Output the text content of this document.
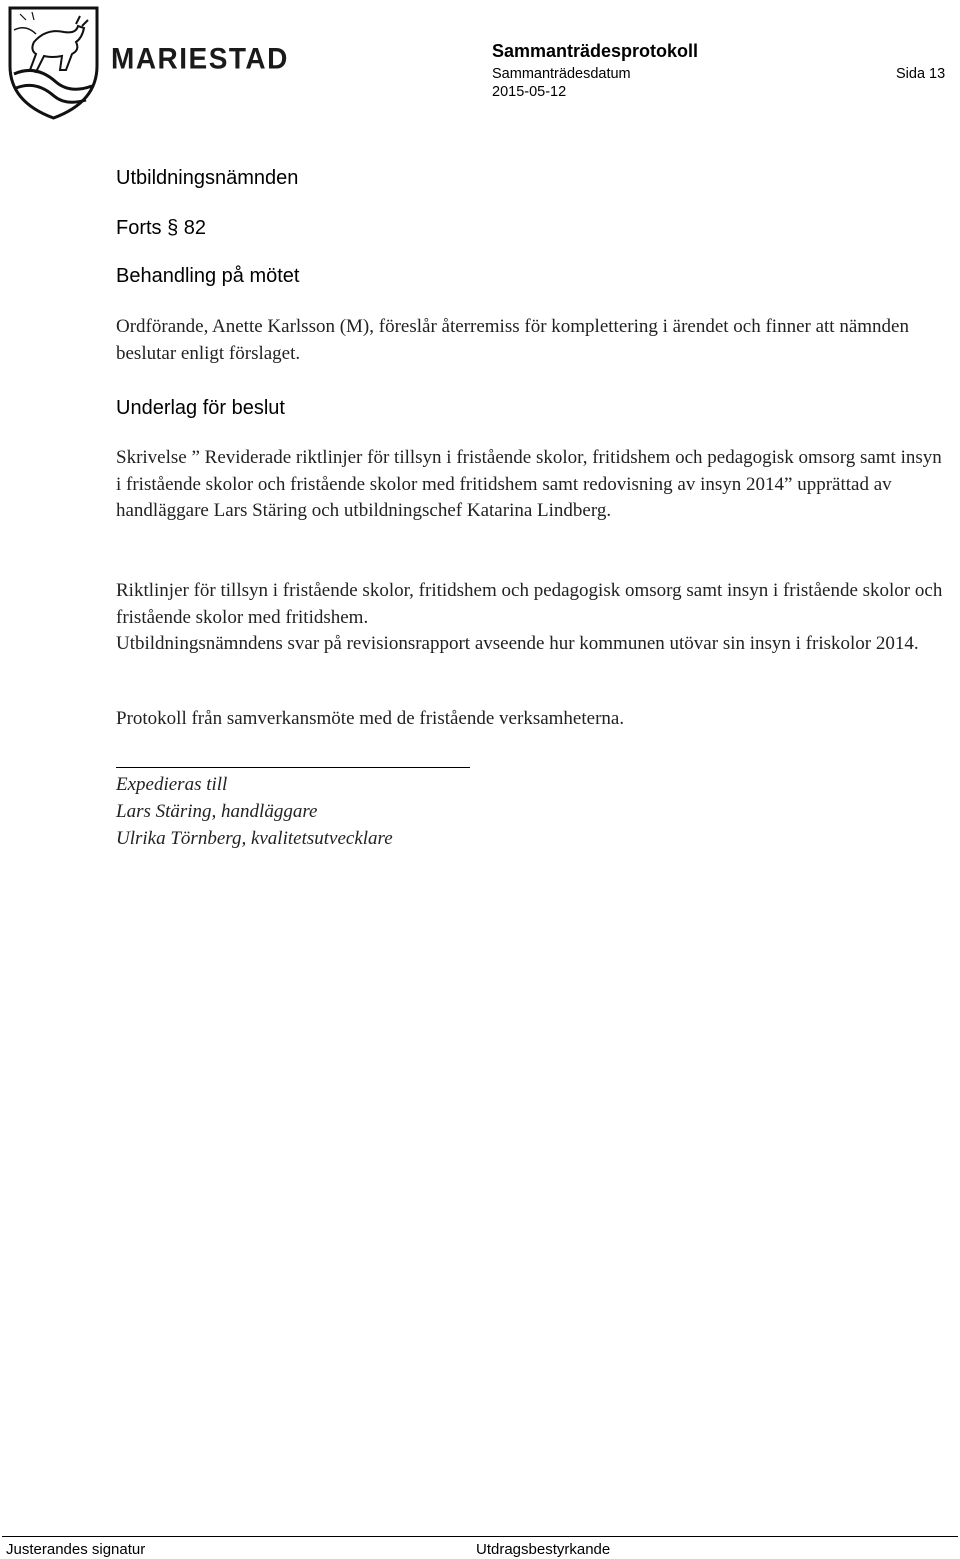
MARIESTAD	Sammanträdesprotokoll
Sammanträdesdatum
2015-05-12
Sida 13
Utbildningsnämnden
Forts § 82
Behandling på mötet

Ordförande, Anette Karlsson (M), föreslår återremiss för komplettering i ärendet och finner att nämnden beslutar enligt förslaget.

Underlag för beslut

Skrivelse ” Reviderade riktlinjer för tillsyn i fristående skolor, fritidshem och pedagogisk omsorg samt insyn i fristående skolor och fristående skolor med fritidshem samt redovisning av insyn 2014” upprättad av handläggare Lars Stäring och utbildningschef Katarina Lindberg.

Riktlinjer för tillsyn i fristående skolor, fritidshem och pedagogisk omsorg samt insyn i fristående skolor och fristående skolor med fritidshem.

Utbildningsnämndens svar på revisionsrapport avseende hur kommunen utövar sin insyn i friskolor 2014.

Protokoll från samverkansmöte med de fristående verksamheterna.

Expedieras till
Lars Stäring, handläggare
Ulrika Törnberg, kvalitetsutvecklare
Justerandes signatur	Utdragsbestyrkande
